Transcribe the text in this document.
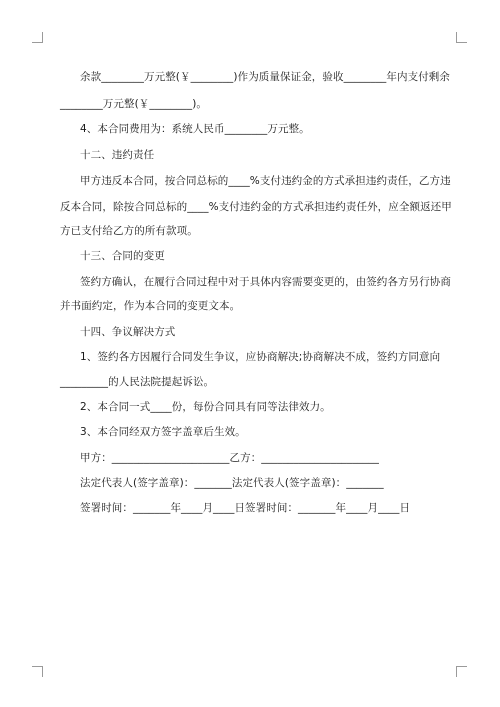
余款________万元整(￥________)作为质量保证金，验收________年内支付剩余
________万元整(￥________)。
4、本合同费用为：系统人民币________万元整。
十二、违约责任
甲方违反本合同，按合同总标的____%支付违约金的方式承担违约责任，乙方违
反本合同，除按合同总标的____%支付违约金的方式承担违约责任外，应全额返还甲
方已支付给乙方的所有款项。
十三、合同的变更
签约方确认，在履行合同过程中对于具体内容需要变更的，由签约各方另行协商
并书面约定，作为本合同的变更文本。
十四、争议解决方式
1、签约各方因履行合同发生争议，应协商解决;协商解决不成，签约方同意向
_________的人民法院提起诉讼。
2、本合同一式____份，每份合同具有同等法律效力。
3、本合同经双方签字盖章后生效。
甲方：______________________乙方：______________________
法定代表人(签字盖章)：_______法定代表人(签字盖章)：_______
签署时间：_______年____月____日签署时间：_______年____月____日
